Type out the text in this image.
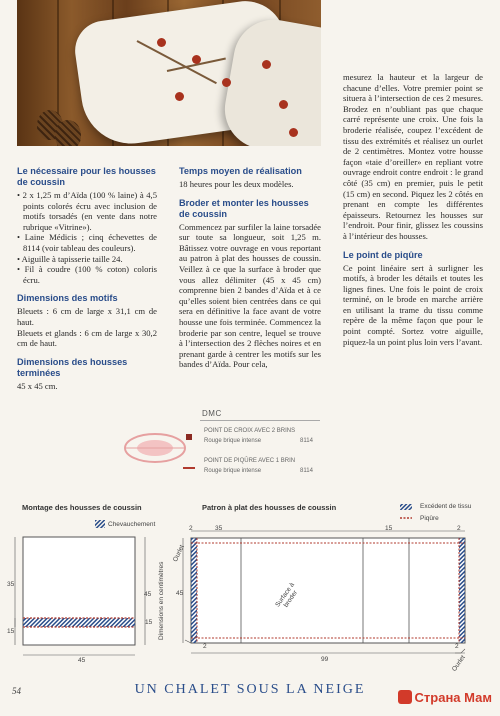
Le nécessaire pour les housses de coussin
• 2 x 1,25 m d’Aïda (100 % laine) à 4,5 points colorés écru avec inclusion de motifs torsadés (en vente dans notre rubrique «Vitrine»).
• Laine Médicis ; cinq échevettes de 8114 (voir tableau des couleurs).
• Aiguille à tapisserie taille 24.
• Fil à coudre (100 % coton) coloris écru.
Dimensions des motifs
Bleuets : 6 cm de large x 31,1 cm de haut.
Bleuets et glands : 6 cm de large x 30,2 cm de haut.
Dimensions des housses terminées
45 x 45 cm.
Temps moyen de réalisation
18 heures pour les deux modèles.
Broder et monter les housses de coussin
Commencez par surfiler la laine torsadée sur toute sa longueur, soit 1,25 m. Bâtissez votre ouvrage en vous reportant au patron à plat des housses de coussin. Veillez à ce que la surface à broder que vous allez délimiter (45 x 45 cm) comprenne bien 2 bandes d’Aïda et à ce qu’elles soient bien centrées dans ce qui sera en définitive la face avant de votre housse une fois terminée. Commencez la broderie par son centre, lequel se trouve à l’intersection des 2 flèches noires et en prenant garde à centrer les motifs sur les bandes d’Aïda. Pour cela,
mesurez la hauteur et la largeur de chacune d’elles. Votre premier point se situera à l’intersection de ces 2 mesures. Brodez en n’oubliant pas que chaque carré représente une croix. Une fois la broderie réalisée, coupez l’excédent de tissu des extrémités et réalisez un ourlet de 2 centimètres. Montez votre housse façon «taie d’oreiller» en repliant votre ouvrage endroit contre endroit : le grand côté (35 cm) en premier, puis le petit (15 cm) en second. Piquez les 2 côtés en prenant en compte les différentes épaisseurs. Retournez les housses sur l’endroit. Pour finir, glissez les coussins à l’intérieur des housses.
Le point de piqûre
Ce point linéaire sert à surligner les motifs, à broder les détails et toutes les lignes fines. Une fois le point de croix terminé, on le brode en marche arrière en utilisant la trame du tissu comme repère de la même façon que pour le point compté. Sortez votre aiguille, piquez-la un point plus loin vers l’avant.
DMC
POINT DE CROIX AVEC 2 BRINS
Rouge brique intense	8114
POINT DE PIQÛRE AVEC 1 BRIN
Rouge brique intense	8114
Montage des housses de coussin
Chevauchement
45
45
35
15
15
Patron à plat des housses de coussin	Excédent de tissu
Piqûre
2	35	15	2
Surface à broder
Ourlet
Ourlet
Dimensions en centimètres
99
45
2	2
54	UN CHALET SOUS LA NEIGE
Страна Мам
